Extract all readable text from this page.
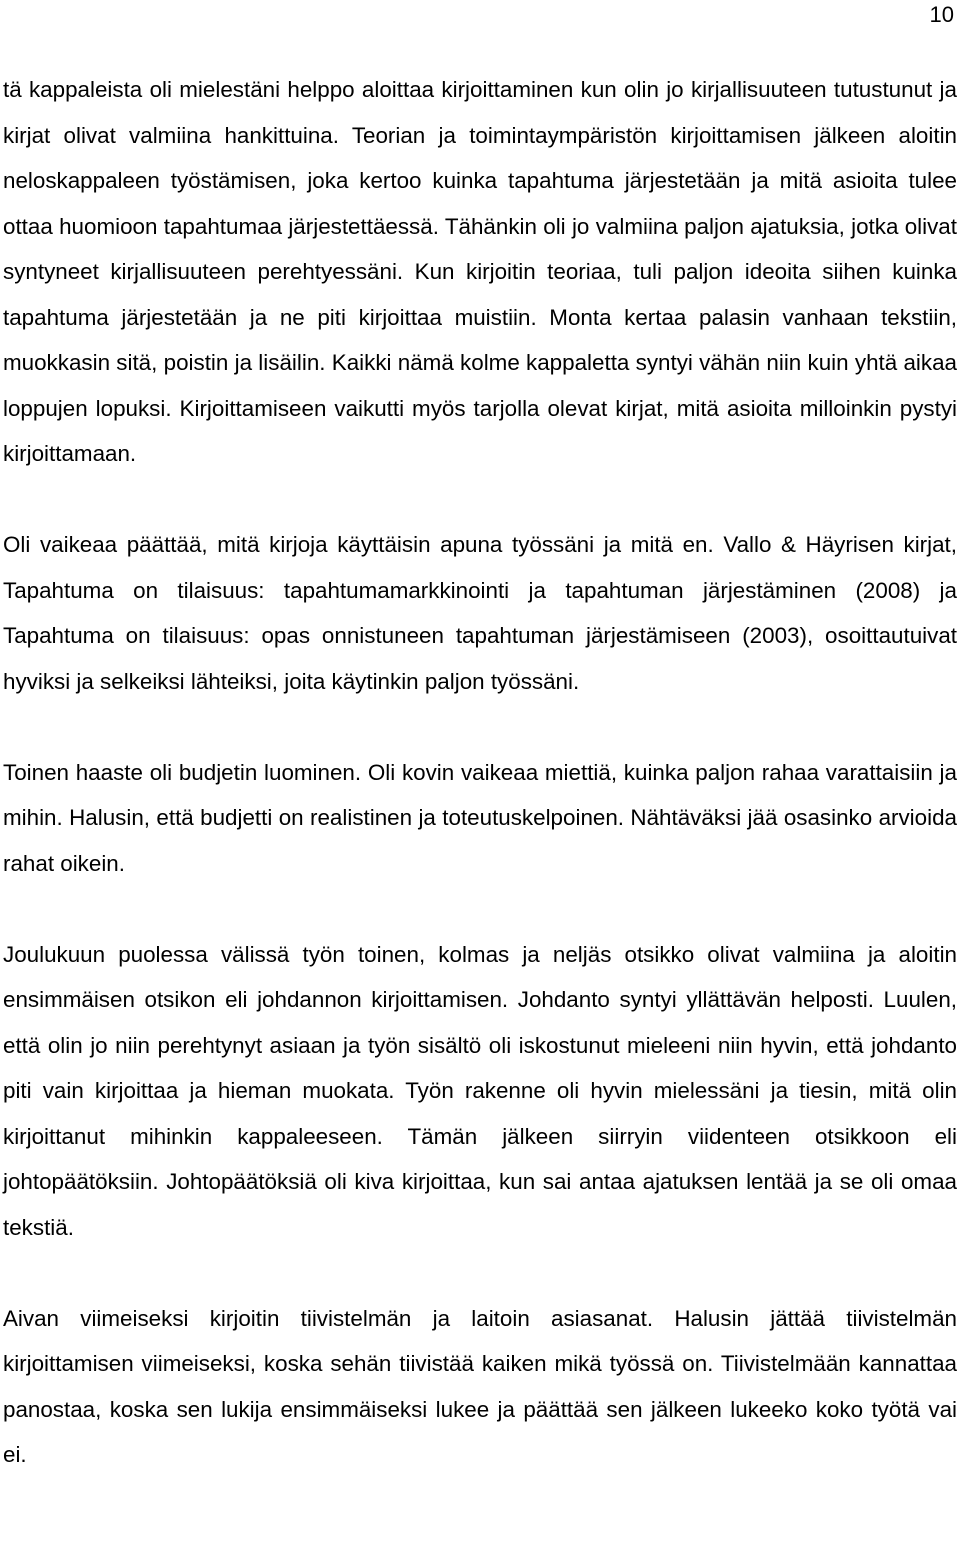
10

tä kappaleista oli mielestäni helppo aloittaa kirjoittaminen kun olin jo kirjallisuuteen tutustunut ja kirjat olivat valmiina hankittuina. Teorian ja toimintaympäristön kirjoittamisen jälkeen aloitin neloskappaleen työstämisen, joka kertoo kuinka tapahtuma järjestetään ja mitä asioita tulee ottaa huomioon tapahtumaa järjestettäessä. Tähänkin oli jo valmiina paljon ajatuksia, jotka olivat syntyneet kirjallisuuteen perehtyessäni. Kun kirjoitin teoriaa, tuli paljon ideoita siihen kuinka tapahtuma järjestetään ja ne piti kirjoittaa muistiin. Monta kertaa palasin vanhaan tekstiin, muokkasin sitä, poistin ja lisäilin. Kaikki nämä kolme kappaletta syntyi vähän niin kuin yhtä aikaa loppujen lopuksi. Kirjoittamiseen vaikutti myös tarjolla olevat kirjat, mitä asioita milloinkin pystyi kirjoittamaan.

Oli vaikeaa päättää, mitä kirjoja käyttäisin apuna työssäni ja mitä en. Vallo & Häyrisen kirjat, Tapahtuma on tilaisuus: tapahtumamarkkinointi ja tapahtuman järjestäminen (2008) ja Tapahtuma on tilaisuus: opas onnistuneen tapahtuman järjestämiseen (2003), osoittautuivat hyviksi ja selkeiksi lähteiksi, joita käytinkin paljon työssäni.

Toinen haaste oli budjetin luominen. Oli kovin vaikeaa miettiä, kuinka paljon rahaa varattaisiin ja mihin. Halusin, että budjetti on realistinen ja toteutuskelpoinen. Nähtäväksi jää osasinko arvioida rahat oikein.

Joulukuun puolessa välissä työn toinen, kolmas ja neljäs otsikko olivat valmiina ja aloitin ensimmäisen otsikon eli johdannon kirjoittamisen. Johdanto syntyi yllättävän helposti. Luulen, että olin jo niin perehtynyt asiaan ja työn sisältö oli iskostunut mieleeni niin hyvin, että johdanto piti vain kirjoittaa ja hieman muokata. Työn rakenne oli hyvin mielessäni ja tiesin, mitä olin kirjoittanut mihinkin kappaleeseen. Tämän jälkeen siirryin viidenteen otsikkoon eli johtopäätöksiin. Johtopäätöksiä oli kiva kirjoittaa, kun sai antaa ajatuksen lentää ja se oli omaa tekstiä.

Aivan viimeiseksi kirjoitin tiivistelmän ja laitoin asiasanat. Halusin jättää tiivistelmän kirjoittamisen viimeiseksi, koska sehän tiivistää kaiken mikä työssä on. Tiivistelmään kannattaa panostaa, koska sen lukija ensimmäiseksi lukee ja päättää sen jälkeen lukeeko koko työtä vai ei.
